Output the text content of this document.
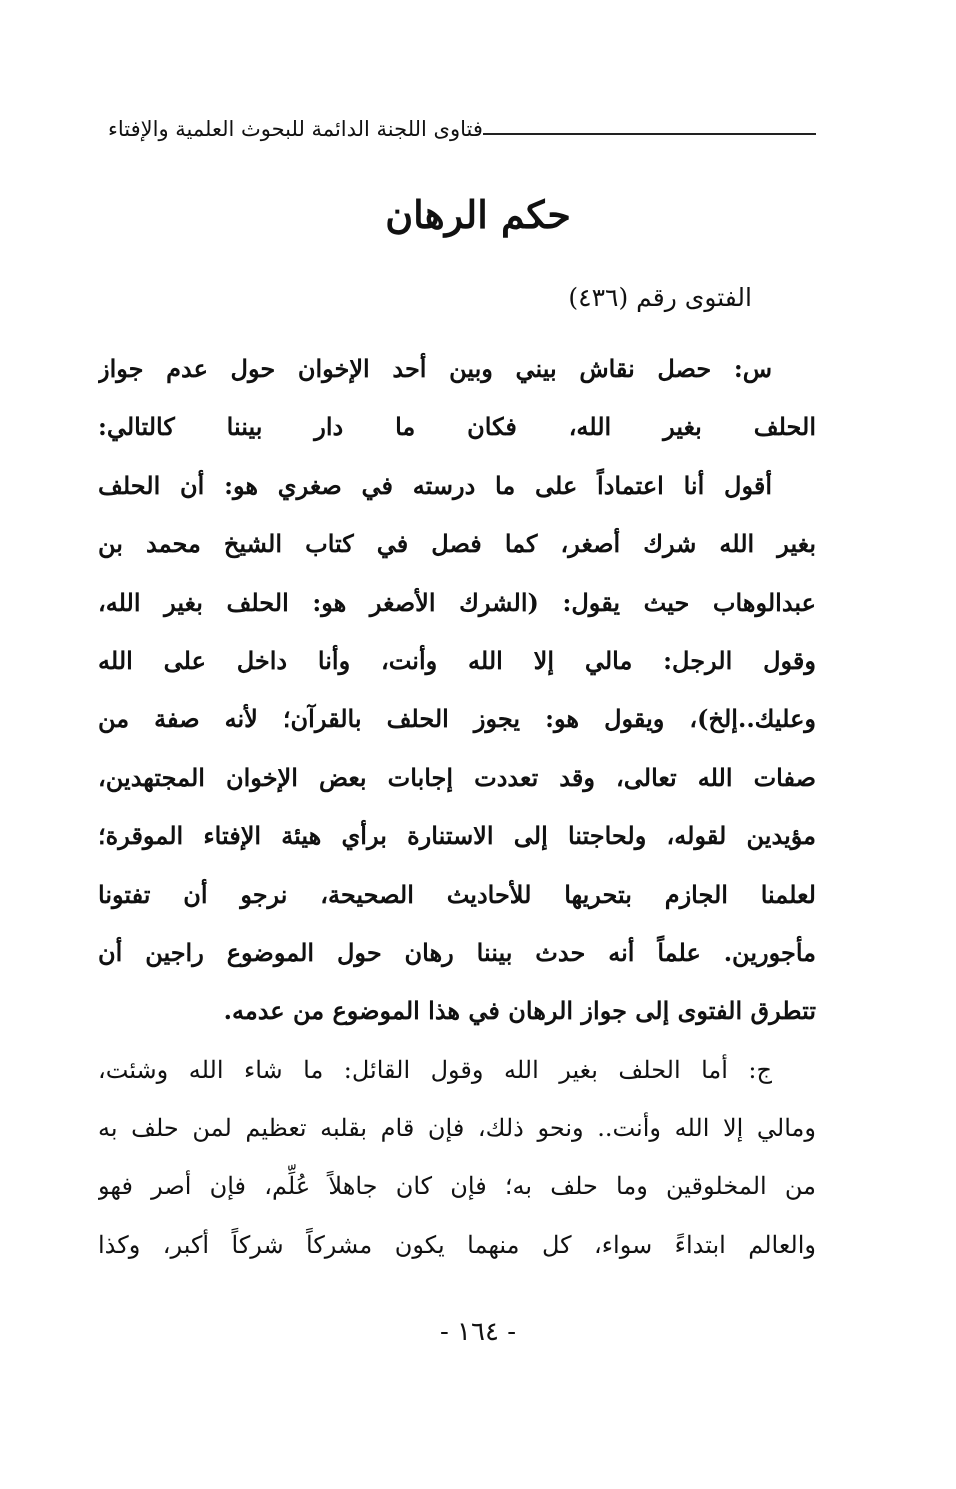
فتاوى اللجنة الدائمة للبحوث العلمية والإفتاء
حكم الرهان
الفتوى رقم (٤٣٦)
س: حصل نقاش بيني وبين أحد الإخوان حول عدم جواز
الحلف بغير الله، فكان ما دار بيننا كالتالي:
أقول أنا اعتماداً على ما درسته في صغري هو: أن الحلف
بغير الله شرك أصغر، كما فصل في كتاب الشيخ محمد بن
عبدالوهاب حيث يقول: (الشرك الأصغر هو: الحلف بغير الله،
وقول الرجل: مالي إلا الله وأنت، وأنا داخل على الله
وعليك..إلخ)، ويقول هو: يجوز الحلف بالقرآن؛ لأنه صفة من
صفات الله تعالى، وقد تعددت إجابات بعض الإخوان المجتهدين،
مؤيدين لقوله، ولحاجتنا إلى الاستنارة برأي هيئة الإفتاء الموقرة؛
لعلمنا الجازم بتحريها للأحاديث الصحيحة، نرجو أن تفتونا
مأجورين. علماً أنه حدث بيننا رهان حول الموضوع راجين أن
تتطرق الفتوى إلى جواز الرهان في هذا الموضوع من عدمه.
ج: أما الحلف بغير الله وقول القائل: ما شاء الله وشئت،
ومالي إلا الله وأنت.. ونحو ذلك، فإن قام بقلبه تعظيم لمن حلف به
من المخلوقين وما حلف به؛ فإن كان جاهلاً عُلِّم، فإن أصر فهو
والعالم ابتداءً سواء، كل منهما يكون مشركاً شركاً أكبر، وكذا
- ١٦٤ -
